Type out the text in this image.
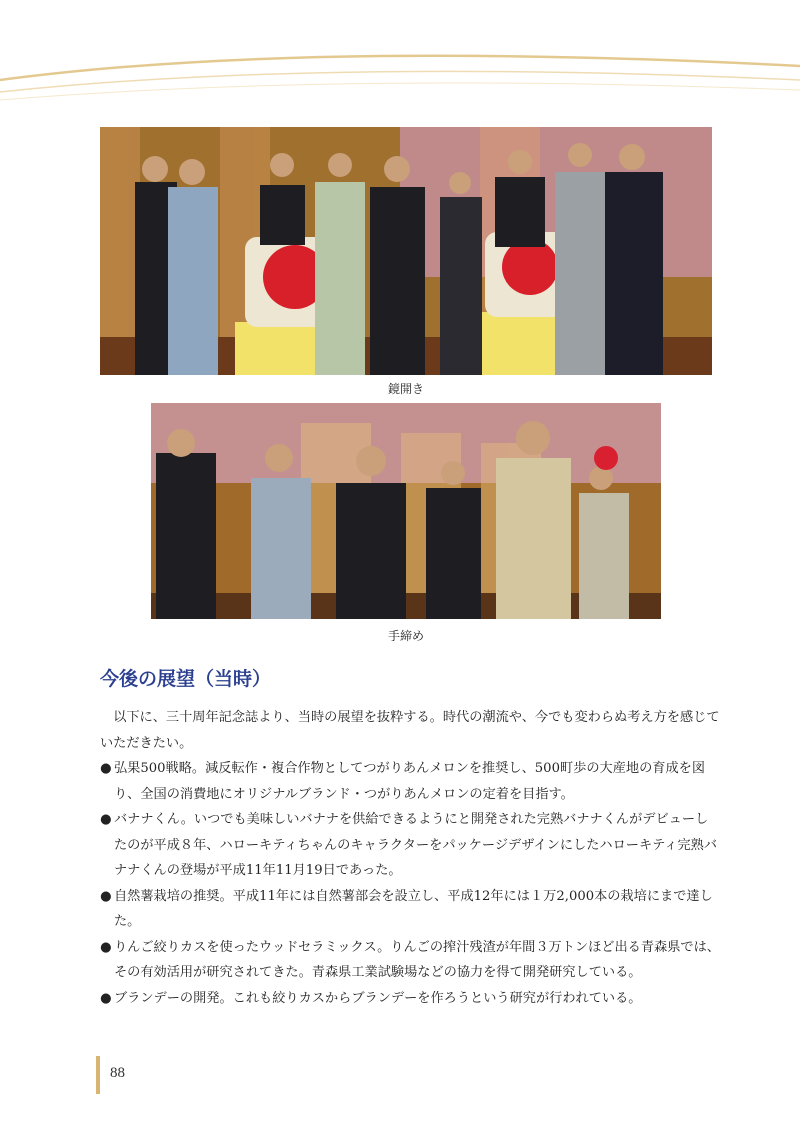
鏡開き
手締め
今後の展望（当時）

以下に、三十周年記念誌より、当時の展望を抜粋する。時代の潮流や、今でも変わらぬ考え方を感じていただきたい。

● 弘果500戦略。減反転作・複合作物としてつがりあんメロンを推奨し、500町歩の大産地の育成を図り、全国の消費地にオリジナルブランド・つがりあんメロンの定着を目指す。
● バナナくん。いつでも美味しいバナナを供給できるようにと開発された完熟バナナくんがデビューしたのが平成８年、ハローキティちゃんのキャラクターをパッケージデザインにしたハローキティ完熟バナナくんの登場が平成11年11月19日であった。
● 自然薯栽培の推奨。平成11年には自然薯部会を設立し、平成12年には１万2,000本の栽培にまで達した。
● りんご絞りカスを使ったウッドセラミックス。りんごの搾汁残渣が年間３万トンほど出る青森県では、その有効活用が研究されてきた。青森県工業試験場などの協力を得て開発研究している。
● ブランデーの開発。これも絞りカスからブランデーを作ろうという研究が行われている。
88
